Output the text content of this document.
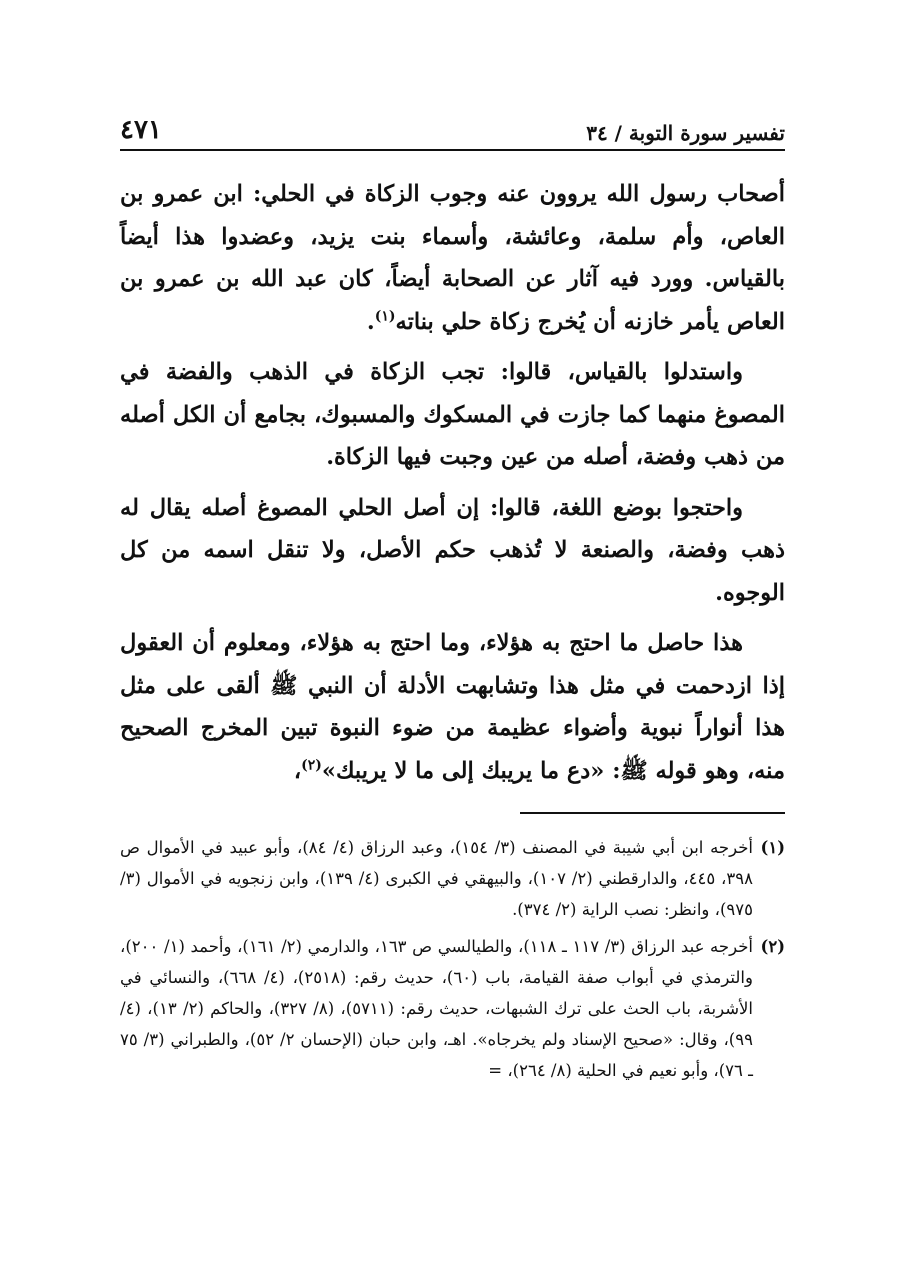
تفسير سورة التوبة / ٣٤
٤٧١

أصحاب رسول الله يروون عنه وجوب الزكاة في الحلي: ابن عمرو بن العاص، وأم سلمة، وعائشة، وأسماء بنت يزيد، وعضدوا هذا أيضاً بالقياس. وورد فيه آثار عن الصحابة أيضاً، كان عبد الله بن عمرو بن العاص يأمر خازنه أن يُخرج زكاة حلي بناته$^{(١)}$.

واستدلوا بالقياس، قالوا: تجب الزكاة في الذهب والفضة في المصوغ منهما كما جازت في المسكوك والمسبوك، بجامع أن الكل أصله من ذهب وفضة، أصله من عين وجبت فيها الزكاة.

واحتجوا بوضع اللغة، قالوا: إن أصل الحلي المصوغ أصله يقال له ذهب وفضة، والصنعة لا تُذهب حكم الأصل، ولا تنقل اسمه من كل الوجوه.

هذا حاصل ما احتج به هؤلاء، وما احتج به هؤلاء، ومعلوم أن العقول إذا ازدحمت في مثل هذا وتشابهت الأدلة أن النبي ﷺ ألقى على مثل هذا أنواراً نبوية وأضواء عظيمة من ضوء النبوة تبين المخرج الصحيح منه، وهو قوله ﷺ: «دع ما يريبك إلى ما لا يريبك»$^{(٢)}$،

(١)
أخرجه ابن أبي شيبة في المصنف (٣/ ١٥٤)، وعبد الرزاق (٤/ ٨٤)، وأبو عبيد في الأموال ص ٣٩٨، ٤٤٥، والدارقطني (٢/ ١٠٧)، والبيهقي في الكبرى (٤/ ١٣٩)، وابن زنجويه في الأموال (٣/ ٩٧٥)، وانظر: نصب الراية (٢/ ٣٧٤).
(٢)
أخرجه عبد الرزاق (٣/ ١١٧ ـ ١١٨)، والطيالسي ص ١٦٣، والدارمي (٢/ ١٦١)، وأحمد (١/ ٢٠٠)، والترمذي في أبواب صفة القيامة، باب (٦٠)، حديث رقم: (٢٥١٨)، (٤/ ٦٦٨)، والنسائي في الأشربة، باب الحث على ترك الشبهات، حديث رقم: (٥٧١١)، (٨/ ٣٢٧)، والحاكم (٢/ ١٣)، (٤/ ٩٩)، وقال: «صحيح الإسناد ولم يخرجاه». اهـ، وابن حبان (الإحسان ٢/ ٥٢)، والطبراني (٣/ ٧٥ ـ ٧٦)، وأبو نعيم في الحلية (٨/ ٢٦٤)، =
